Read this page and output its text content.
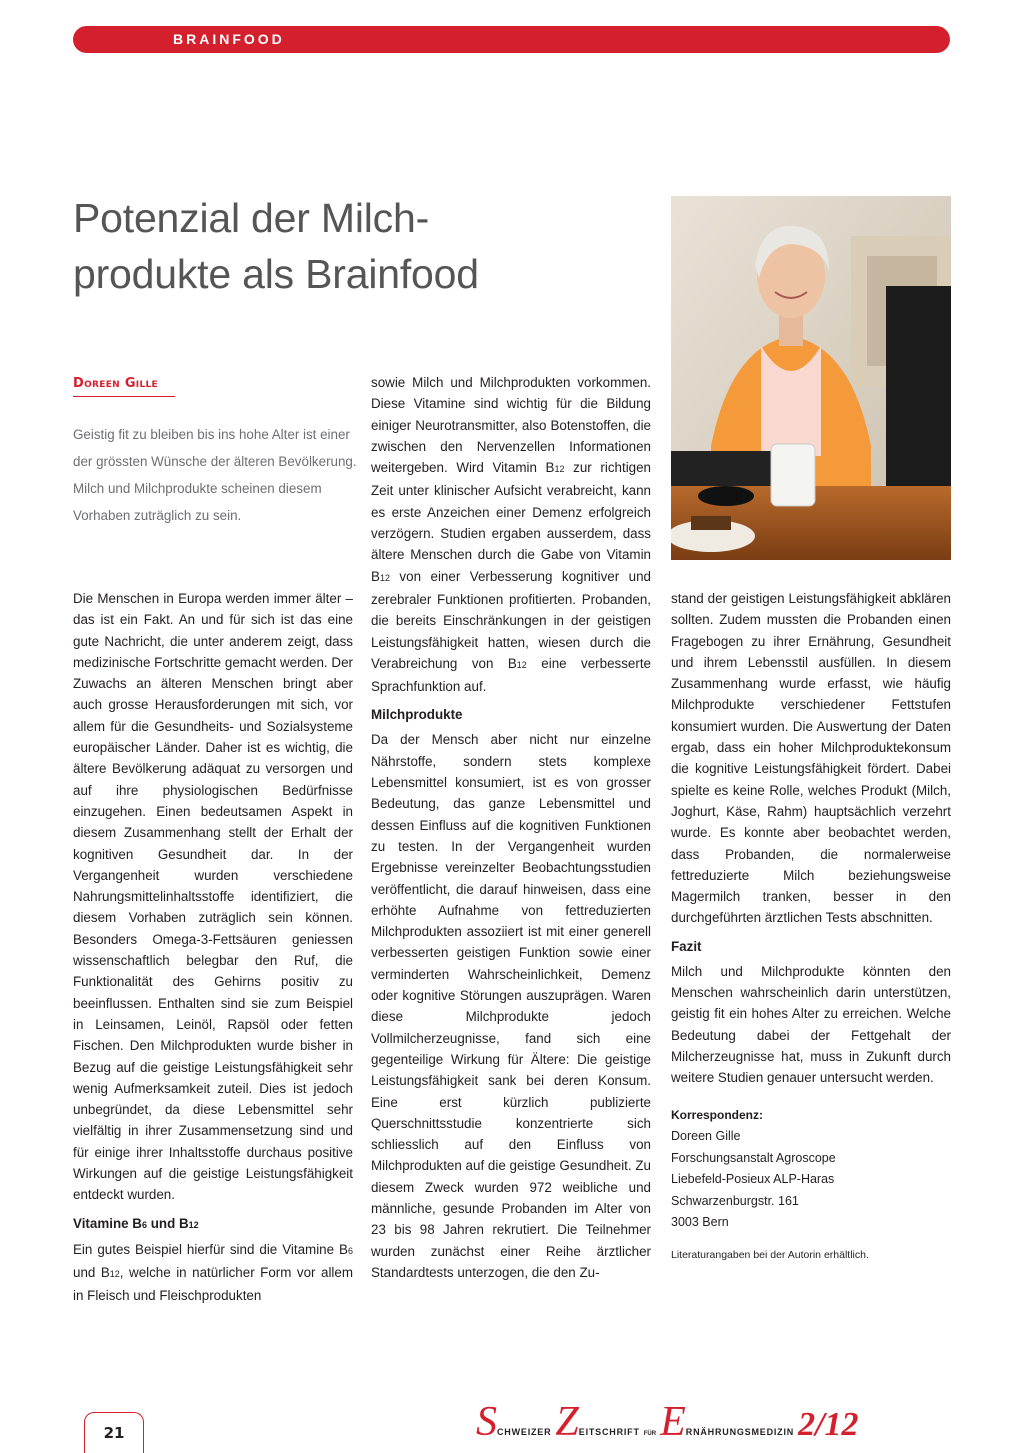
BRAINFOOD
Potenzial der Milch-
produkte als Brainfood
Doreen Gille
Geistig fit zu bleiben bis ins hohe Alter ist einer der grössten Wünsche der älteren Bevölkerung. Milch und Milchprodukte scheinen diesem Vorhaben zuträglich zu sein.

Die Menschen in Europa werden immer älter – das ist ein Fakt. An und für sich ist das eine gute Nachricht, die unter anderem zeigt, dass medizinische Fortschritte gemacht werden. Der Zuwachs an älteren Menschen bringt aber auch grosse Herausforderungen mit sich, vor allem für die Gesundheits- und Sozialsysteme europäischer Länder. Daher ist es wichtig, die ältere Bevölkerung adäquat zu versorgen und auf ihre physiologischen Bedürfnisse einzugehen. Einen bedeutsamen Aspekt in diesem Zusammenhang stellt der Erhalt der kognitiven Gesundheit dar. In der Vergangenheit wurden verschiedene Nahrungsmittelinhaltsstoffe identifiziert, die diesem Vorhaben zuträglich sein können. Besonders Omega-3-Fettsäuren geniessen wissenschaftlich belegbar den Ruf, die Funktionalität des Gehirns positiv zu beeinflussen. Enthalten sind sie zum Beispiel in Leinsamen, Leinöl, Rapsöl oder fetten Fischen. Den Milchprodukten wurde bisher in Bezug auf die geistige Leistungsfähigkeit sehr wenig Aufmerksamkeit zuteil. Dies ist jedoch unbegründet, da diese Lebensmittel sehr vielfältig in ihrer Zusammensetzung sind und für einige ihrer Inhaltsstoffe durchaus positive Wirkungen auf die geistige Leistungsfähigkeit entdeckt wurden.

Vitamine B6 und B12

Ein gutes Beispiel hierfür sind die Vitamine B6 und B12, welche in natürlicher Form vor allem in Fleisch und Fleischprodukten

sowie Milch und Milchprodukten vorkommen. Diese Vitamine sind wichtig für die Bildung einiger Neurotransmitter, also Botenstoffen, die zwischen den Nervenzellen Informationen weitergeben. Wird Vitamin B12 zur richtigen Zeit unter klinischer Aufsicht verabreicht, kann es erste Anzeichen einer Demenz erfolgreich verzögern. Studien ergaben ausserdem, dass ältere Menschen durch die Gabe von Vitamin B12 von einer Verbesserung kognitiver und zerebraler Funktionen profitierten. Probanden, die bereits Einschränkungen in der geistigen Leistungsfähigkeit hatten, wiesen durch die Verabreichung von B12 eine verbesserte Sprachfunktion auf.

Milchprodukte

Da der Mensch aber nicht nur einzelne Nährstoffe, sondern stets komplexe Lebensmittel konsumiert, ist es von grosser Bedeutung, das ganze Lebensmittel und dessen Einfluss auf die kognitiven Funktionen zu testen. In der Vergangenheit wurden Ergebnisse vereinzelter Beobachtungsstudien veröffentlicht, die darauf hinweisen, dass eine erhöhte Aufnahme von fettreduzierten Milchprodukten assoziiert ist mit einer generell verbesserten geistigen Funktion sowie einer verminderten Wahrscheinlichkeit, Demenz oder kognitive Störungen auszuprägen. Waren diese Milchprodukte jedoch Vollmilcherzeugnisse, fand sich eine gegenteilige Wirkung für Ältere: Die geistige Leistungsfähigkeit sank bei deren Konsum. Eine erst kürzlich publizierte Querschnittsstudie konzentrierte sich schliesslich auf den Einfluss von Milchprodukten auf die geistige Gesundheit. Zu diesem Zweck wurden 972 weibliche und männliche, gesunde Probanden im Alter von 23 bis 98 Jahren rekrutiert. Die Teilnehmer wurden zunächst einer Reihe ärztlicher Standardtests unterzogen, die den Zu-

stand der geistigen Leistungsfähigkeit abklären sollten. Zudem mussten die Probanden einen Fragebogen zu ihrer Ernährung, Gesundheit und ihrem Lebensstil ausfüllen. In diesem Zusammenhang wurde erfasst, wie häufig Milchprodukte verschiedener Fettstufen konsumiert wurden. Die Auswertung der Daten ergab, dass ein hoher Milchproduktekonsum die kognitive Leistungsfähigkeit fördert. Dabei spielte es keine Rolle, welches Produkt (Milch, Joghurt, Käse, Rahm) hauptsächlich verzehrt wurde. Es konnte aber beobachtet werden, dass Probanden, die normalerweise fettreduzierte Milch beziehungsweise Magermilch tranken, besser in den durchgeführten ärztlichen Tests abschnitten.

Fazit

Milch und Milchprodukte könnten den Menschen wahrscheinlich darin unterstützen, geistig fit ein hohes Alter zu erreichen. Welche Bedeutung dabei der Fettgehalt der Milcherzeugnisse hat, muss in Zukunft durch weitere Studien genauer untersucht werden.

Korrespondenz:
Doreen Gille
Forschungsanstalt Agroscope
Liebefeld-Posieux ALP-Haras
Schwarzenburgstr. 161
3003 Bern
Literaturangaben bei der Autorin erhältlich.
21	SCHWEIZER ZEITSCHRIFT FÜR ERNÄHRUNGSMEDIZIN 2/12
